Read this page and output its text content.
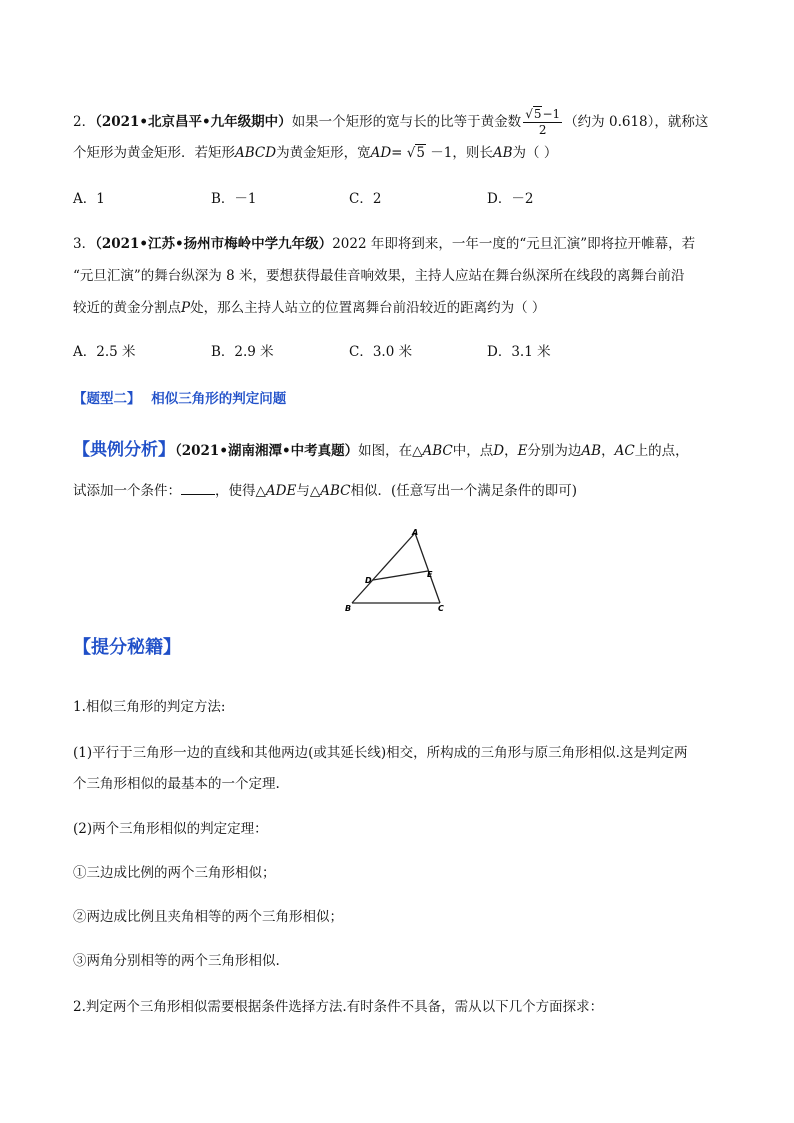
2．（2021•北京昌平•九年级期中）如果一个矩形的宽与长的比等于黄金数 $\frac{√5-1}{2}$ （约为 0.618），就称这
个矩形为黄金矩形．若矩形ABCD为黄金矩形，宽AD= √5 －1，则长AB为（ ）
A．1	B．－1	C．2	D．－2
3．（2021•江苏•扬州市梅岭中学九年级）2022 年即将到来，一年一度的“元旦汇演”即将拉开帷幕，若
“元旦汇演”的舞台纵深为 8 米，要想获得最佳音响效果，主持人应站在舞台纵深所在线段的离舞台前沿
较近的黄金分割点P处，那么主持人站立的位置离舞台前沿较近的距离约为（ ）
A．2.5 米	B．2.9 米	C．3.0 米	D．3.1 米
【题型二】 相似三角形的判定问题
【典例分析】（2021•湖南湘潭•中考真题）如图，在△ABC中，点D，E分别为边AB，AC上的点，
试添加一个条件：	，使得△ADE与△ABC相似．(任意写出一个满足条件的即可)
A
B	C
D
E
【提分秘籍】
1.相似三角形的判定方法:
(1)平行于三角形一边的直线和其他两边(或其延长线)相交，所构成的三角形与原三角形相似.这是判定两
个三角形相似的最基本的一个定理.
(2)两个三角形相似的判定定理：
①三边成比例的两个三角形相似；
②两边成比例且夹角相等的两个三角形相似；
③两角分别相等的两个三角形相似.
2.判定两个三角形相似需要根据条件选择方法.有时条件不具备，需从以下几个方面探求：
